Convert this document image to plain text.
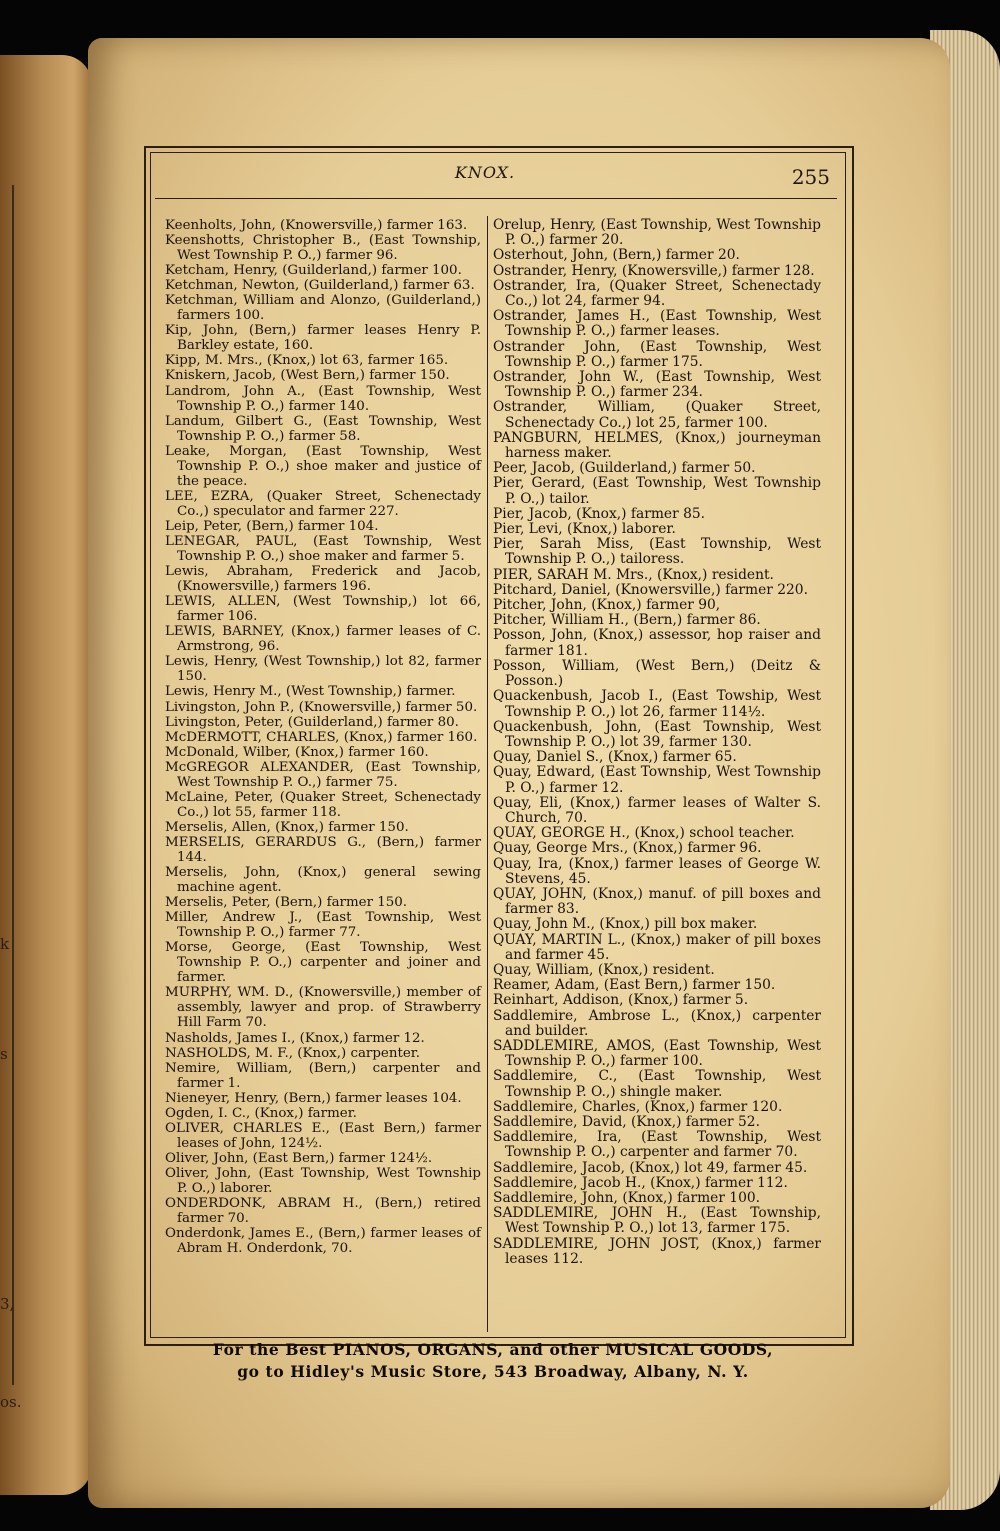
k
s
3,
os.
KNOX.	255
Keenholts, John, (Knowersville,) farmer 163.
Keenshotts, Christopher B., (East Township, West Township P. O.,) farmer 96.
Ketcham, Henry, (Guilderland,) farmer 100.
Ketchman, Newton, (Guilderland,) farmer 63.
Ketchman, William and Alonzo, (Guilderland,) farmers 100.
Kip, John, (Bern,) farmer leases Henry P. Barkley estate, 160.
Kipp, M. Mrs., (Knox,) lot 63, farmer 165.
Kniskern, Jacob, (West Bern,) farmer 150.
Landrom, John A., (East Township, West Township P. O.,) farmer 140.
Landum, Gilbert G., (East Township, West Township P. O.,) farmer 58.
Leake, Morgan, (East Township, West Township P. O.,) shoe maker and justice of the peace.
LEE, EZRA, (Quaker Street, Schenectady Co.,) speculator and farmer 227.
Leip, Peter, (Bern,) farmer 104.
LENEGAR, PAUL, (East Township, West Township P. O.,) shoe maker and farmer 5.
Lewis, Abraham, Frederick and Jacob, (Knowersville,) farmers 196.
LEWIS, ALLEN, (West Township,) lot 66, farmer 106.
LEWIS, BARNEY, (Knox,) farmer leases of C. Armstrong, 96.
Lewis, Henry, (West Township,) lot 82, farmer 150.
Lewis, Henry M., (West Township,) farmer.
Livingston, John P., (Knowersville,) farmer 50.
Livingston, Peter, (Guilderland,) farmer 80.
McDERMOTT, CHARLES, (Knox,) farmer 160.
McDonald, Wilber, (Knox,) farmer 160.
McGREGOR ALEXANDER, (East Township, West Township P. O.,) farmer 75.
McLaine, Peter, (Quaker Street, Schenectady Co.,) lot 55, farmer 118.
Merselis, Allen, (Knox,) farmer 150.
MERSELIS, GERARDUS G., (Bern,) farmer 144.
Merselis, John, (Knox,) general sewing machine agent.
Merselis, Peter, (Bern,) farmer 150.
Miller, Andrew J., (East Township, West Township P. O.,) farmer 77.
Morse, George, (East Township, West Township P. O.,) carpenter and joiner and farmer.
MURPHY, WM. D., (Knowersville,) member of assembly, lawyer and prop. of Strawberry Hill Farm 70.
Nasholds, James I., (Knox,) farmer 12.
NASHOLDS, M. F., (Knox,) carpenter.
Nemire, William, (Bern,) carpenter and farmer 1.
Nieneyer, Henry, (Bern,) farmer leases 104.
Ogden, I. C., (Knox,) farmer.
OLIVER, CHARLES E., (East Bern,) farmer leases of John, 124½.
Oliver, John, (East Bern,) farmer 124½.
Oliver, John, (East Township, West Township P. O.,) laborer.
ONDERDONK, ABRAM H., (Bern,) retired farmer 70.
Onderdonk, James E., (Bern,) farmer leases of Abram H. Onderdonk, 70.
Orelup, Henry, (East Township, West Township P. O.,) farmer 20.
Osterhout, John, (Bern,) farmer 20.
Ostrander, Henry, (Knowersville,) farmer 128.
Ostrander, Ira, (Quaker Street, Schenectady Co.,) lot 24, farmer 94.
Ostrander, James H., (East Township, West Township P. O.,) farmer leases.
Ostrander John, (East Township, West Township P. O.,) farmer 175.
Ostrander, John W., (East Township, West Township P. O.,) farmer 234.
Ostrander, William, (Quaker Street, Schenectady Co.,) lot 25, farmer 100.
PANGBURN, HELMES, (Knox,) journeyman harness maker.
Peer, Jacob, (Guilderland,) farmer 50.
Pier, Gerard, (East Township, West Township P. O.,) tailor.
Pier, Jacob, (Knox,) farmer 85.
Pier, Levi, (Knox,) laborer.
Pier, Sarah Miss, (East Township, West Township P. O.,) tailoress.
PIER, SARAH M. Mrs., (Knox,) resident.
Pitchard, Daniel, (Knowersville,) farmer 220.
Pitcher, John, (Knox,) farmer 90,
Pitcher, William H., (Bern,) farmer 86.
Posson, John, (Knox,) assessor, hop raiser and farmer 181.
Posson, William, (West Bern,) (Deitz & Posson.)
Quackenbush, Jacob I., (East Towship, West Township P. O.,) lot 26, farmer 114½.
Quackenbush, John, (East Township, West Township P. O.,) lot 39, farmer 130.
Quay, Daniel S., (Knox,) farmer 65.
Quay, Edward, (East Township, West Township P. O.,) farmer 12.
Quay, Eli, (Knox,) farmer leases of Walter S. Church, 70.
QUAY, GEORGE H., (Knox,) school teacher.
Quay, George Mrs., (Knox,) farmer 96.
Quay, Ira, (Knox,) farmer leases of George W. Stevens, 45.
QUAY, JOHN, (Knox,) manuf. of pill boxes and farmer 83.
Quay, John M., (Knox,) pill box maker.
QUAY, MARTIN L., (Knox,) maker of pill boxes and farmer 45.
Quay, William, (Knox,) resident.
Reamer, Adam, (East Bern,) farmer 150.
Reinhart, Addison, (Knox,) farmer 5.
Saddlemire, Ambrose L., (Knox,) carpenter and builder.
SADDLEMIRE, AMOS, (East Township, West Township P. O.,) farmer 100.
Saddlemire, C., (East Township, West Township P. O.,) shingle maker.
Saddlemire, Charles, (Knox,) farmer 120.
Saddlemire, David, (Knox,) farmer 52.
Saddlemire, Ira, (East Township, West Township P. O.,) carpenter and farmer 70.
Saddlemire, Jacob, (Knox,) lot 49, farmer 45.
Saddlemire, Jacob H., (Knox,) farmer 112.
Saddlemire, John, (Knox,) farmer 100.
SADDLEMIRE, JOHN H., (East Township, West Township P. O.,) lot 13, farmer 175.
SADDLEMIRE, JOHN JOST, (Knox,) farmer leases 112.
For the Best PIANOS, ORGANS, and other MUSICAL GOODS,
go to Hidley's Music Store, 543 Broadway, Albany, N. Y.
